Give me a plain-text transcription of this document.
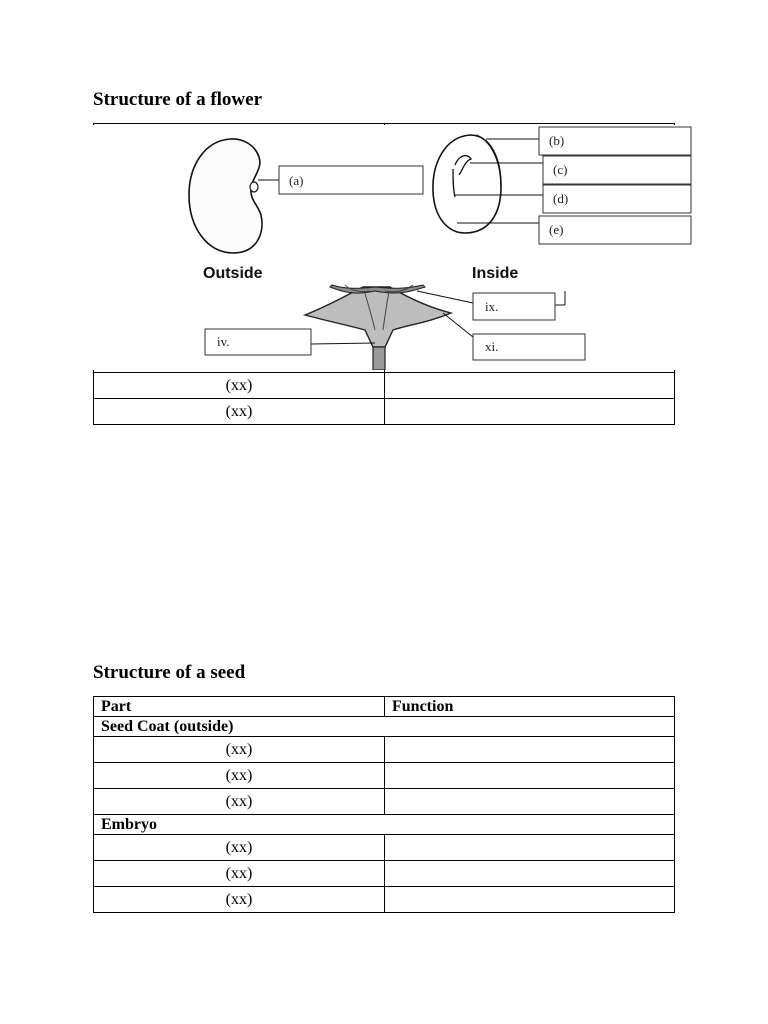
Structure of a flower

(xx)	
(xx)	
(a)
(b)
(c)
(d)
(e)
Outside	Inside
iv.
ix.
xi.
Structure of a seed
Part	Function
Seed Coat (outside)	
(xx)	
(xx)	
(xx)	
Embryo	
(xx)	
(xx)	
(xx)	
